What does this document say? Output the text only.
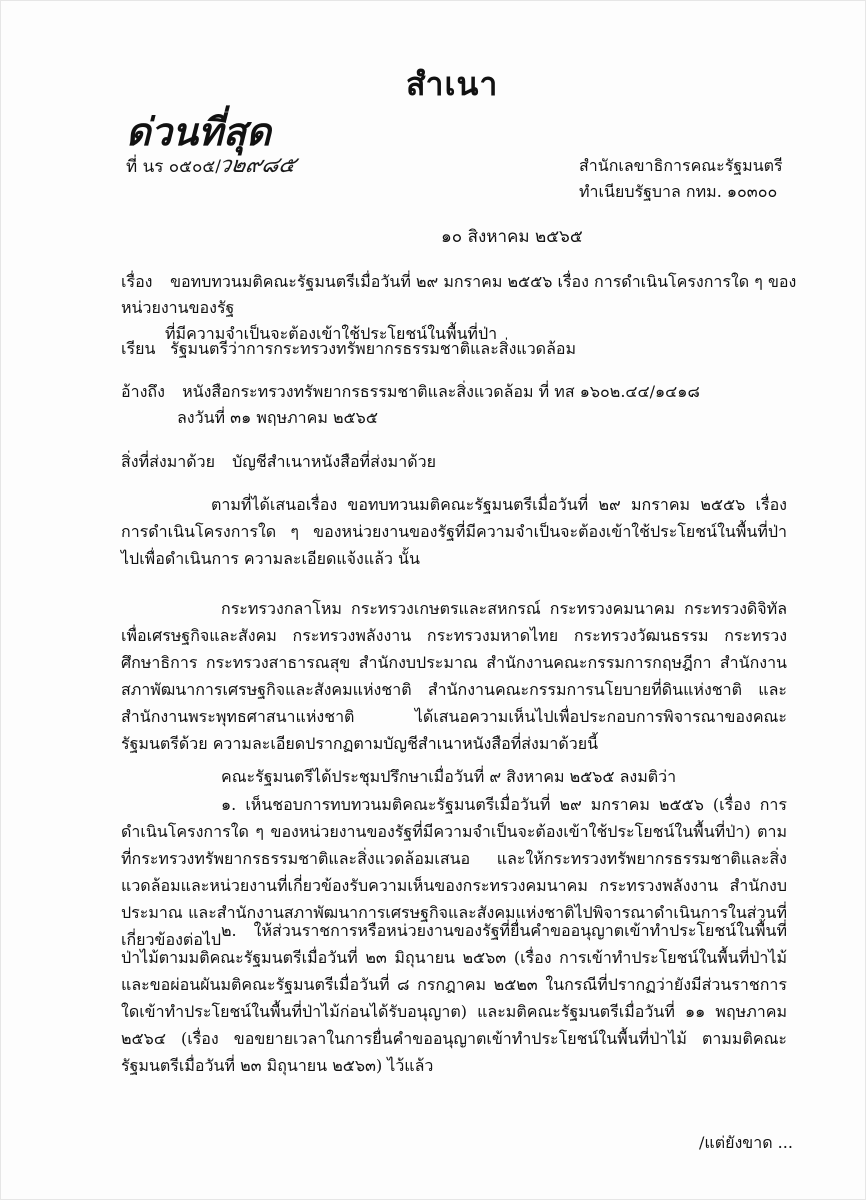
สำเนา
ด่วนที่สุด
ที่ นร ๐๕๐๕/
ว๒๙๘๕	สำนักเลขาธิการคณะรัฐมนตรี
ทำเนียบรัฐบาล กทม. ๑๐๓๐๐
๑๐ สิงหาคม ๒๕๖๕
เรื่อง ขอทบทวนมติคณะรัฐมนตรีเมื่อวันที่ ๒๙ มกราคม ๒๕๕๖ เรื่อง การดำเนินโครงการใด ๆ ของหน่วยงานของรัฐ
ที่มีความจำเป็นจะต้องเข้าใช้ประโยชน์ในพื้นที่ป่า
เรียน รัฐมนตรีว่าการกระทรวงทรัพยากรธรรมชาติและสิ่งแวดล้อม
อ้างถึง หนังสือกระทรวงทรัพยากรธรรมชาติและสิ่งแวดล้อม ที่ ทส ๑๖๐๒.๔๔/๑๔๑๘
ลงวันที่ ๓๑ พฤษภาคม ๒๕๖๕
สิ่งที่ส่งมาด้วย บัญชีสำเนาหนังสือที่ส่งมาด้วย
ตามที่ได้เสนอเรื่อง ขอทบทวนมติคณะรัฐมนตรีเมื่อวันที่ ๒๙ มกราคม ๒๕๕๖ เรื่อง การดำเนินโครงการใด ๆ ของหน่วยงานของรัฐที่มีความจำเป็นจะต้องเข้าใช้ประโยชน์ในพื้นที่ป่า ไปเพื่อดำเนินการ ความละเอียดแจ้งแล้ว นั้น
กระทรวงกลาโหม กระทรวงเกษตรและสหกรณ์ กระทรวงคมนาคม กระทรวงดิจิทัลเพื่อเศรษฐกิจและสังคม กระทรวงพลังงาน กระทรวงมหาดไทย กระทรวงวัฒนธรรม กระทรวงศึกษาธิการ กระทรวงสาธารณสุข สำนักงบประมาณ สำนักงานคณะกรรมการกฤษฎีกา สำนักงานสภาพัฒนาการเศรษฐกิจและสังคมแห่งชาติ สำนักงานคณะกรรมการนโยบายที่ดินแห่งชาติ และสำนักงานพระพุทธศาสนาแห่งชาติ ได้เสนอความเห็นไปเพื่อประกอบการพิจารณาของคณะรัฐมนตรีด้วย ความละเอียดปรากฏตามบัญชีสำเนาหนังสือที่ส่งมาด้วยนี้
คณะรัฐมนตรีได้ประชุมปรึกษาเมื่อวันที่ ๙ สิงหาคม ๒๕๖๕ ลงมติว่า
๑. เห็นชอบการทบทวนมติคณะรัฐมนตรีเมื่อวันที่ ๒๙ มกราคม ๒๕๕๖ (เรื่อง การดำเนินโครงการใด ๆ ของหน่วยงานของรัฐที่มีความจำเป็นจะต้องเข้าใช้ประโยชน์ในพื้นที่ป่า) ตามที่กระทรวงทรัพยากรธรรมชาติและสิ่งแวดล้อมเสนอ และให้กระทรวงทรัพยากรธรรมชาติและสิ่งแวดล้อมและหน่วยงานที่เกี่ยวข้องรับความเห็นของกระทรวงคมนาคม กระทรวงพลังงาน สำนักงบประมาณ และสำนักงานสภาพัฒนาการเศรษฐกิจและสังคมแห่งชาติไปพิจารณาดำเนินการในส่วนที่เกี่ยวข้องต่อไป ๒. ให้ส่วนราชการหรือหน่วยงานของรัฐที่ยื่นคำขออนุญาตเข้าทำประโยชน์ในพื้นที่ป่าไม้ตามมติคณะรัฐมนตรีเมื่อวันที่ ๒๓ มิถุนายน ๒๕๖๓ (เรื่อง การเข้าทำประโยชน์ในพื้นที่ป่าไม้ และขอผ่อนผันมติคณะรัฐมนตรีเมื่อวันที่ ๘ กรกฎาคม ๒๕๒๓ ในกรณีที่ปรากฏว่ายังมีส่วนราชการใดเข้าทำประโยชน์ในพื้นที่ป่าไม้ก่อนได้รับอนุญาต) และมติคณะรัฐมนตรีเมื่อวันที่ ๑๑ พฤษภาคม ๒๕๖๔ (เรื่อง ขอขยายเวลาในการยื่นคำขออนุญาตเข้าทำประโยชน์ในพื้นที่ป่าไม้ ตามมติคณะรัฐมนตรีเมื่อวันที่ ๒๓ มิถุนายน ๒๕๖๓) ไว้แล้ว
/แต่ยังขาด ...
